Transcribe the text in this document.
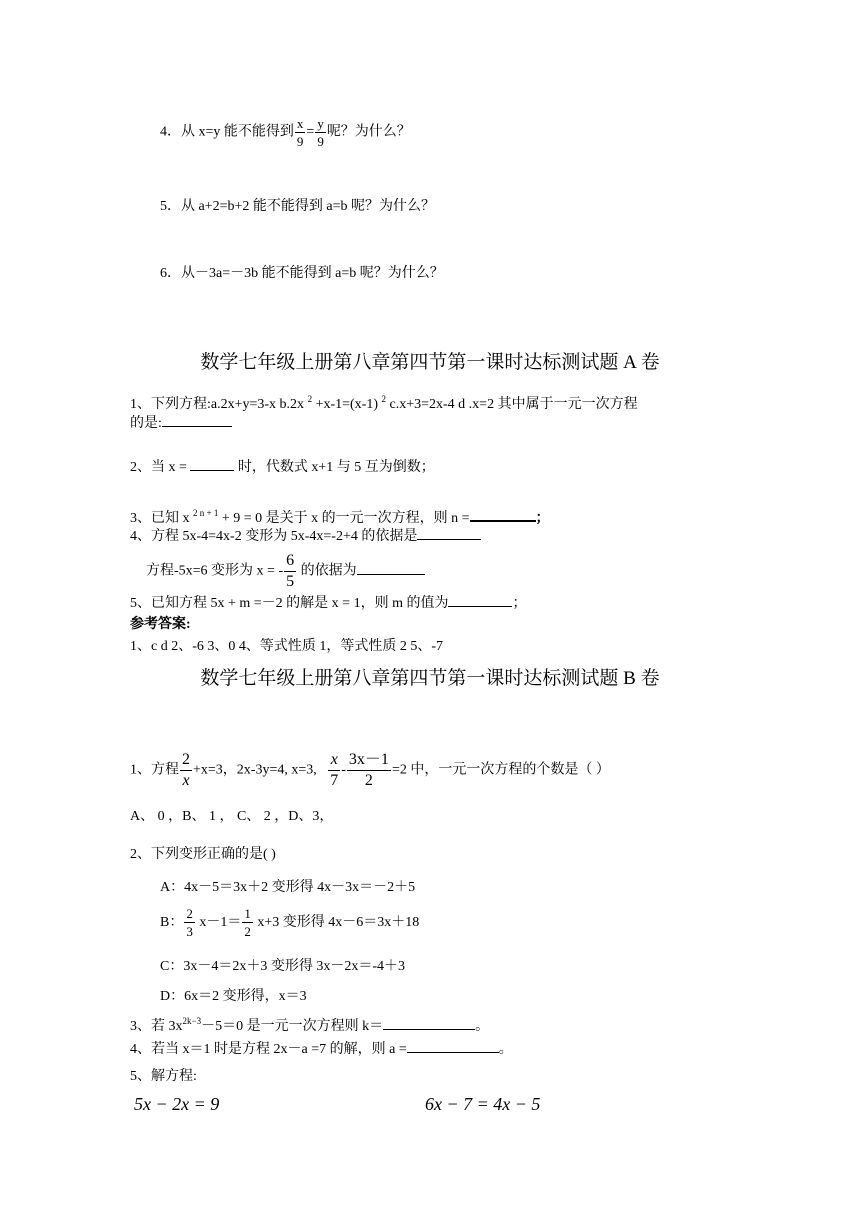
4．从 x=y 能不能得到 $\frac{x}{9} = \frac{y}{9}$ 呢？为什么？
5．从 a+2=b+2 能不能得到 a=b 呢？为什么？
6．从－3a=－3b 能不能得到 a=b 呢？为什么？
数学七年级上册第八章第四节第一课时达标测试题 A 卷
1、下列方程:a.2x+y=3-x b.2x $^2$ +x-1=(x-1) $^2$ c.x+3=2x-4 d .x=2 其中属于一元一次方程
的是:
2、当 x =	时，代数式 x+1 与 5 互为倒数；
3、已知 x $^{2 n + 1}$ + 9 = 0 是关于 x 的一元一次方程，则 n =	；
4、方程 5x-4=4x-2 变形为 5x-4x=-2+4 的依据是
方程-5x=6 变形为 x = - $\frac{6}{5}$ 的依据为
5、已知方程 5x + m =－2 的解是 x = 1，则 m 的值为	；
参考答案:
1、c d 2、-6 3、0 4、等式性质 1，等式性质 2 5、-7
数学七年级上册第八章第四节第一课时达标测试题 B 卷
1、方程 $\frac{2}{x} +x=3$，2x-3y=4, x=3, $\frac{x}{7} - \frac{3x-1}{2} =2$ 中，一元一次方程的个数是（ ）
A、 0 ，B、 1 ， C、 2 ，D、3，
2、下列变形正确的是( )
A：4x－5＝3x＋2 变形得 4x－3x＝－2＋5
B： $\frac{2}{3} x-1= \frac{1}{2} x+3$ 变形得 4x－6＝3x＋18
C：3x－4＝2x＋3 变形得 3x－2x＝-4＋3
D：6x＝2 变形得，x＝3
3、若 $3x^{2k-3}-5=0$ 是一元一次方程则 k＝	。
4、若当 x＝1 时是方程 2x－a =7 的解，则 a =	。
5、解方程:
5x − 2x = 9	6x − 7 = 4x − 5
